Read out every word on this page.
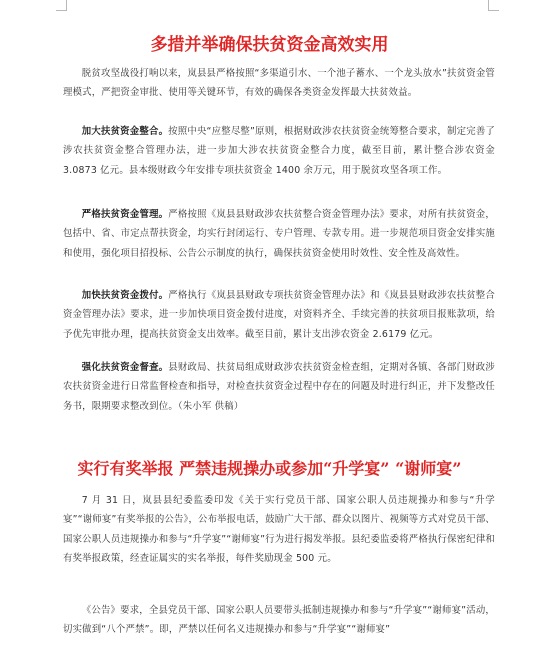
多措并举确保扶贫资金高效实用

脱贫攻坚战役打响以来，岚县县严格按照“多渠道引水、一个池子蓄水、一个龙头放水”扶贫资金管理模式，严把资金审批、使用等关键环节，有效的确保各类资金发挥最大扶贫效益。

加大扶贫资金整合。按照中央“应整尽整”原则，根据财政涉农扶贫资金统筹整合要求，制定完善了涉农扶贫资金整合管理办法，进一步加大涉农扶贫资金整合力度，截至目前，累计整合涉农资金 3.0873 亿元。县本级财政今年安排专项扶贫资金 1400 余万元，用于脱贫攻坚各项工作。

严格扶贫资金管理。严格按照《岚县县财政涉农扶贫整合资金管理办法》要求，对所有扶贫资金，包括中、省、市定点帮扶资金，均实行封闭运行、专户管理、专款专用。进一步规范项目资金安排实施和使用，强化项目招投标、公告公示制度的执行，确保扶贫资金使用时效性、安全性及高效性。

加快扶贫资金拨付。严格执行《岚县县财政专项扶贫资金管理办法》和《岚县县财政涉农扶贫整合资金管理办法》要求，进一步加快项目资金拨付进度，对资料齐全、手续完善的扶贫项目报账款项，给予优先审批办理，提高扶贫资金支出效率。截至目前，累计支出涉农资金 2.6179 亿元。

强化扶贫资金督查。县财政局、扶贫局组成财政涉农扶贫资金检查组，定期对各镇、各部门财政涉农扶贫资金进行日常监督检查和指导，对检查扶贫资金过程中存在的问题及时进行纠正，并下发整改任务书，限期要求整改到位。（朱小军 供稿）

实行有奖举报 严禁违规操办或参加“升学宴” “谢师宴”

7 月 31 日，岚县县纪委监委印发《关于实行党员干部、国家公职人员违规操办和参与“升学宴”“谢师宴”有奖举报的公告》，公布举报电话，鼓励广大干部、群众以图片、视频等方式对党员干部、国家公职人员违规操办和参与“升学宴”“谢师宴”行为进行揭发举报。县纪委监委将严格执行保密纪律和有奖举报政策，经查证属实的实名举报，每件奖励现金 500 元。

《公告》要求，全县党员干部、国家公职人员要带头抵制违规操办和参与“升学宴”“谢师宴”活动，切实做到“八个严禁”。即，严禁以任何名义违规操办和参与“升学宴”“谢师宴”
